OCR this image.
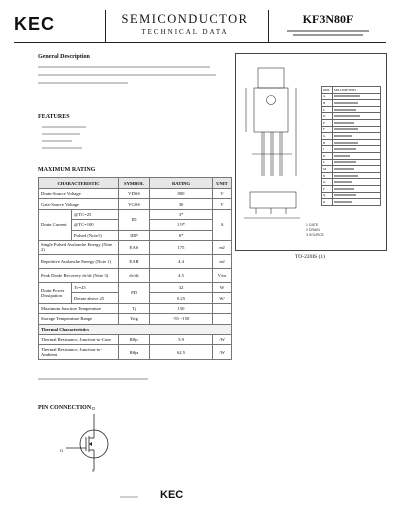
KEC	SEMICONDUCTOR
TECHNICAL DATA
KF3N80F
General Description
FEATURES
MAXIMUM RATING
CHARACTERISTIC		SYMBOL	RATING	UNIT
Drain-Source Voltage		VDSS	800	V
Gate-Source Voltage		VGSS	30	V
Drain Current	@TC=25	ID	3*	A
	@TC=100		1.9*	
	Pulsed (Note1)	IDP	6*	
Single Pulsed Avalanche Energy (Note 2)		EAS	175	mJ
Repetitive Avalanche Energy (Note 1)		EAR	4.4	mJ
Peak Diode Recovery dv/dt (Note 3)		dv/dt	4.5	V/ns
Drain Power Dissipation	Tc=25	PD	32	W
	Derate above 25		0.25	W/
Maximum Junction Temperature		Tj	150	
Storage Temperature Range		Tstg	-55 ~150	
Thermal Characteristics				
Thermal Resistance, Junction-to-Case		Rθjc	3.9	/W
Thermal Resistance, Junction-to-Ambient		Rθja	62.5	/W
1 GATE
2 DRAIN
3 SOURCE
DIM	MILLIMETERS
A	

B	

C	

D	

E	

F	

G	

H	

J	

K	

L	

M	

N	

O	

P	

Q	

R	
TO-220IS (1)
PIN CONNECTION D
G
S
KEC
